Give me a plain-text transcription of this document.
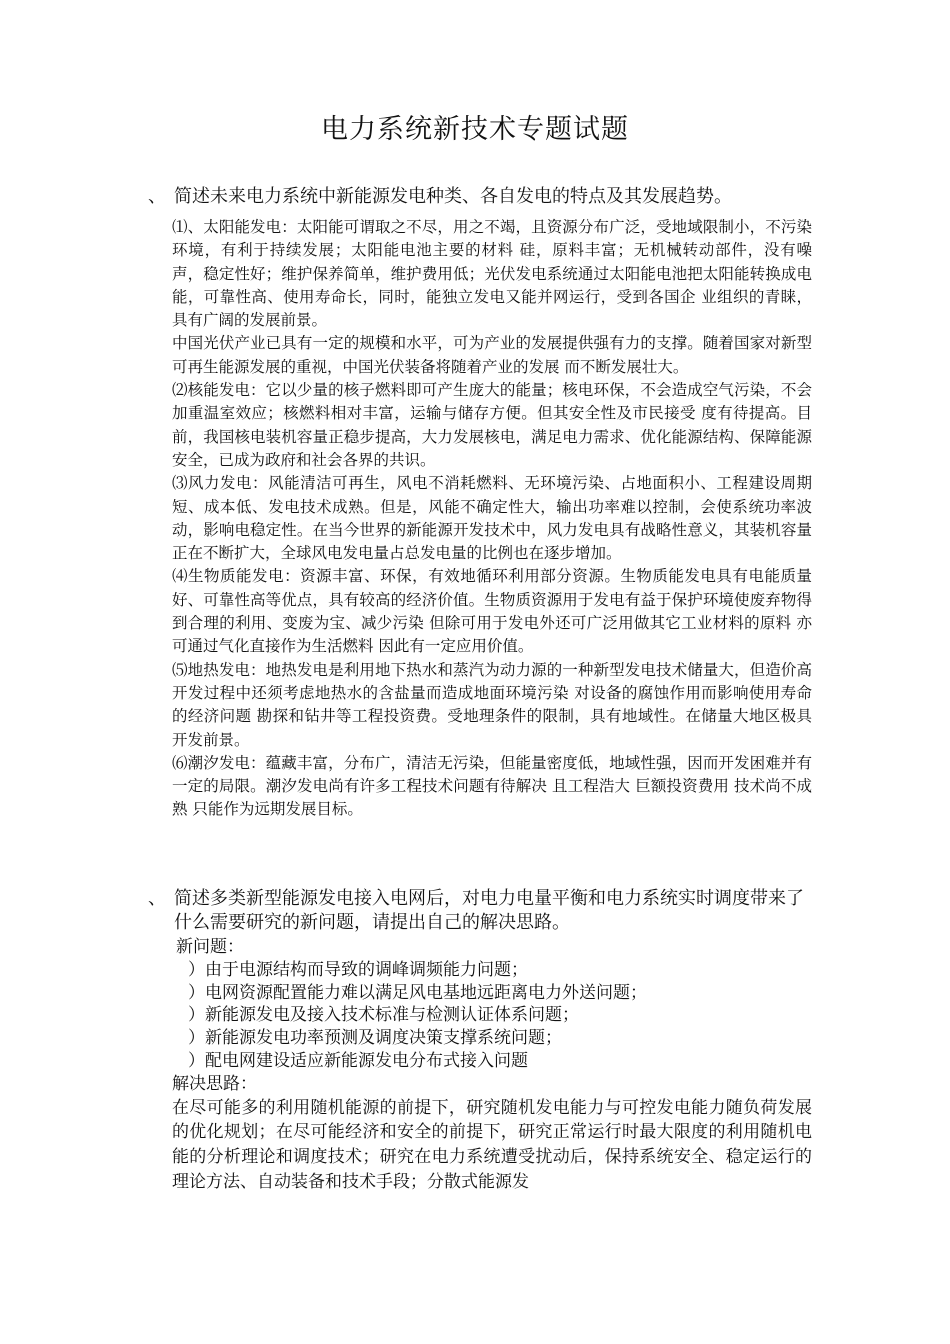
电力系统新技术专题试题
、 简述未来电力系统中新能源发电种类、各自发电的特点及其发展趋势。

⑴、太阳能发电：太阳能可谓取之不尽，用之不竭，且资源分布广泛，受地域限制小，不污染环境，有利于持续发展；太阳能电池主要的材料 硅，原料丰富；无机械转动部件，没有噪声，稳定性好；维护保养简单，维护费用低；光伏发电系统通过太阳能电池把太阳能转换成电能，可靠性高、使用寿命长，同时，能独立发电又能并网运行，受到各国企 业组织的青睐，具有广阔的发展前景。

中国光伏产业已具有一定的规模和水平，可为产业的发展提供强有力的支撑。随着国家对新型可再生能源发展的重视，中国光伏装备将随着产业的发展 而不断发展壮大。

⑵核能发电：它以少量的核子燃料即可产生庞大的能量；核电环保，不会造成空气污染，不会加重温室效应；核燃料相对丰富，运输与储存方便。但其安全性及市民接受 度有待提高。目前，我国核电装机容量正稳步提高，大力发展核电，满足电力需求、优化能源结构、保障能源安全，已成为政府和社会各界的共识。

⑶风力发电：风能清洁可再生，风电不消耗燃料、无环境污染、占地面积小、工程建设周期短、成本低、发电技术成熟。但是，风能不确定性大，输出功率难以控制，会使系统功率波动，影响电稳定性。在当今世界的新能源开发技术中，风力发电具有战略性意义，其装机容量正在不断扩大，全球风电发电量占总发电量的比例也在逐步增加。

⑷生物质能发电：资源丰富、环保，有效地循环利用部分资源。生物质能发电具有电能质量好、可靠性高等优点，具有较高的经济价值。生物质资源用于发电有益于保护环境使废弃物得到合理的利用、变废为宝、减少污染 但除可用于发电外还可广泛用做其它工业材料的原料 亦可通过气化直接作为生活燃料 因此有一定应用价值。

⑸地热发电：地热发电是利用地下热水和蒸汽为动力源的一种新型发电技术储量大，但造价高 开发过程中还须考虑地热水的含盐量而造成地面环境污染 对设备的腐蚀作用而影响使用寿命的经济问题 勘探和钻井等工程投资费。受地理条件的限制，具有地域性。在储量大地区极具开发前景。

⑹潮汐发电：蕴藏丰富，分布广，清洁无污染，但能量密度低，地域性强，因而开发困难并有一定的局限。潮汐发电尚有许多工程技术问题有待解决 且工程浩大 巨额投资费用 技术尚不成熟 只能作为远期发展目标。

、 简述多类新型能源发电接入电网后，对电力电量平衡和电力系统实时调度带来了什么需要研究的新问题，请提出自己的解决思路。

新问题：

）由于电源结构而导致的调峰调频能力问题；

）电网资源配置能力难以满足风电基地远距离电力外送问题；

）新能源发电及接入技术标准与检测认证体系问题；

）新能源发电功率预测及调度决策支撑系统问题；

）配电网建设适应新能源发电分布式接入问题

解决思路：

在尽可能多的利用随机能源的前提下，研究随机发电能力与可控发电能力随负荷发展的优化规划；在尽可能经济和安全的前提下，研究正常运行时最大限度的利用随机电能的分析理论和调度技术；研究在电力系统遭受扰动后，保持系统安全、稳定运行的理论方法、自动装备和技术手段；分散式能源发
